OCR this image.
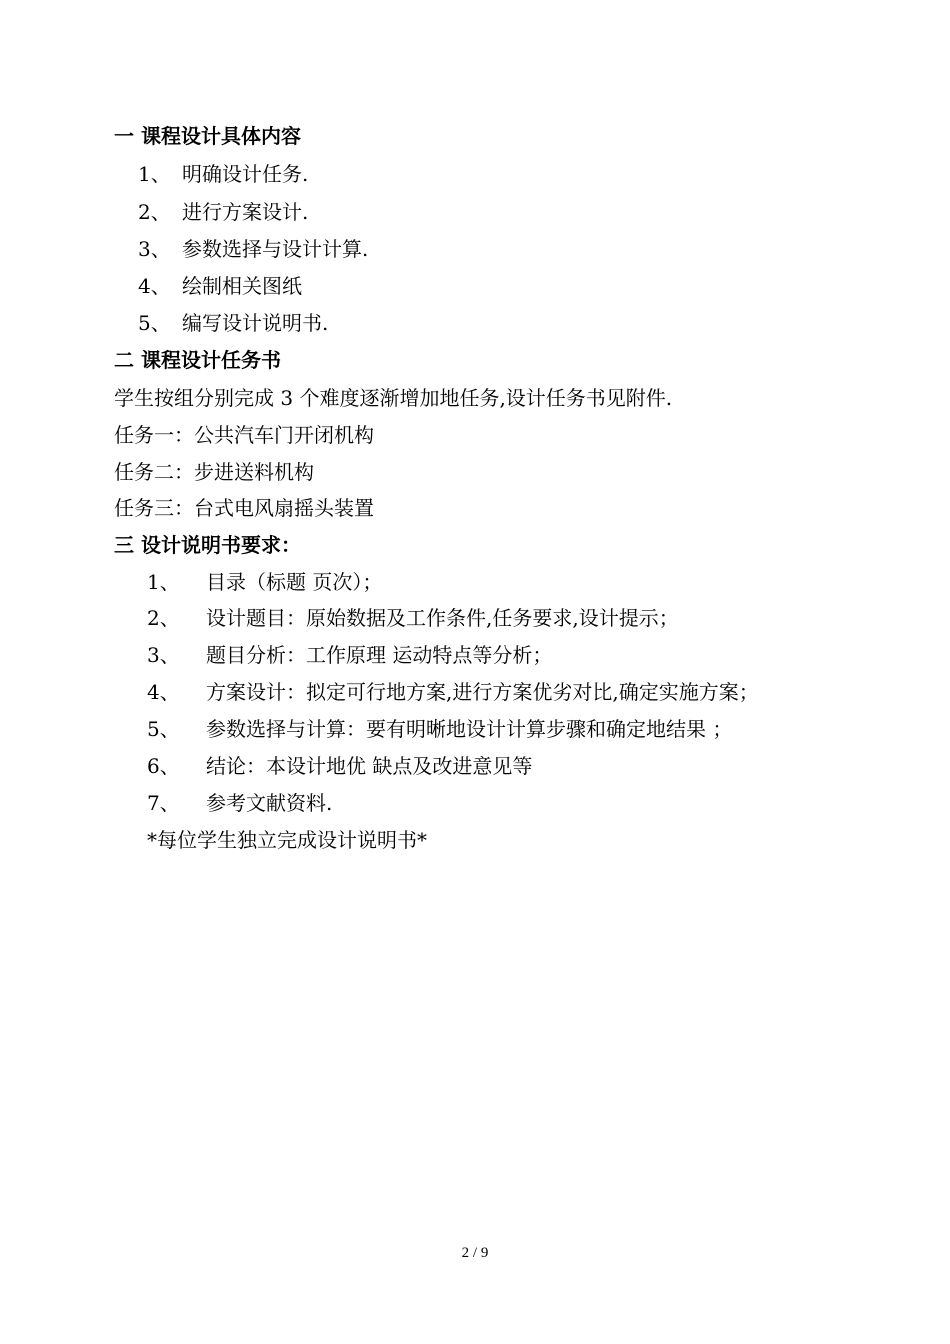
一 课程设计具体内容
1、 明确设计任务.
2、 进行方案设计.
3、 参数选择与设计计算.
4、 绘制相关图纸
5、 编写设计说明书.
二 课程设计任务书
学生按组分别完成 3 个难度逐渐增加地任务,设计任务书见附件.
任务一：公共汽车门开闭机构
任务二：步进送料机构
任务三：台式电风扇摇头装置
三 设计说明书要求：
1、 目录（标题 页次）；
2、 设计题目：原始数据及工作条件,任务要求,设计提示；
3、 题目分析：工作原理 运动特点等分析；
4、 方案设计：拟定可行地方案,进行方案优劣对比,确定实施方案；
5、 参数选择与计算：要有明晰地设计计算步骤和确定地结果 ；
6、 结论：本设计地优 缺点及改进意见等
7、 参考文献资料.
*每位学生独立完成设计说明书*
2 / 9
